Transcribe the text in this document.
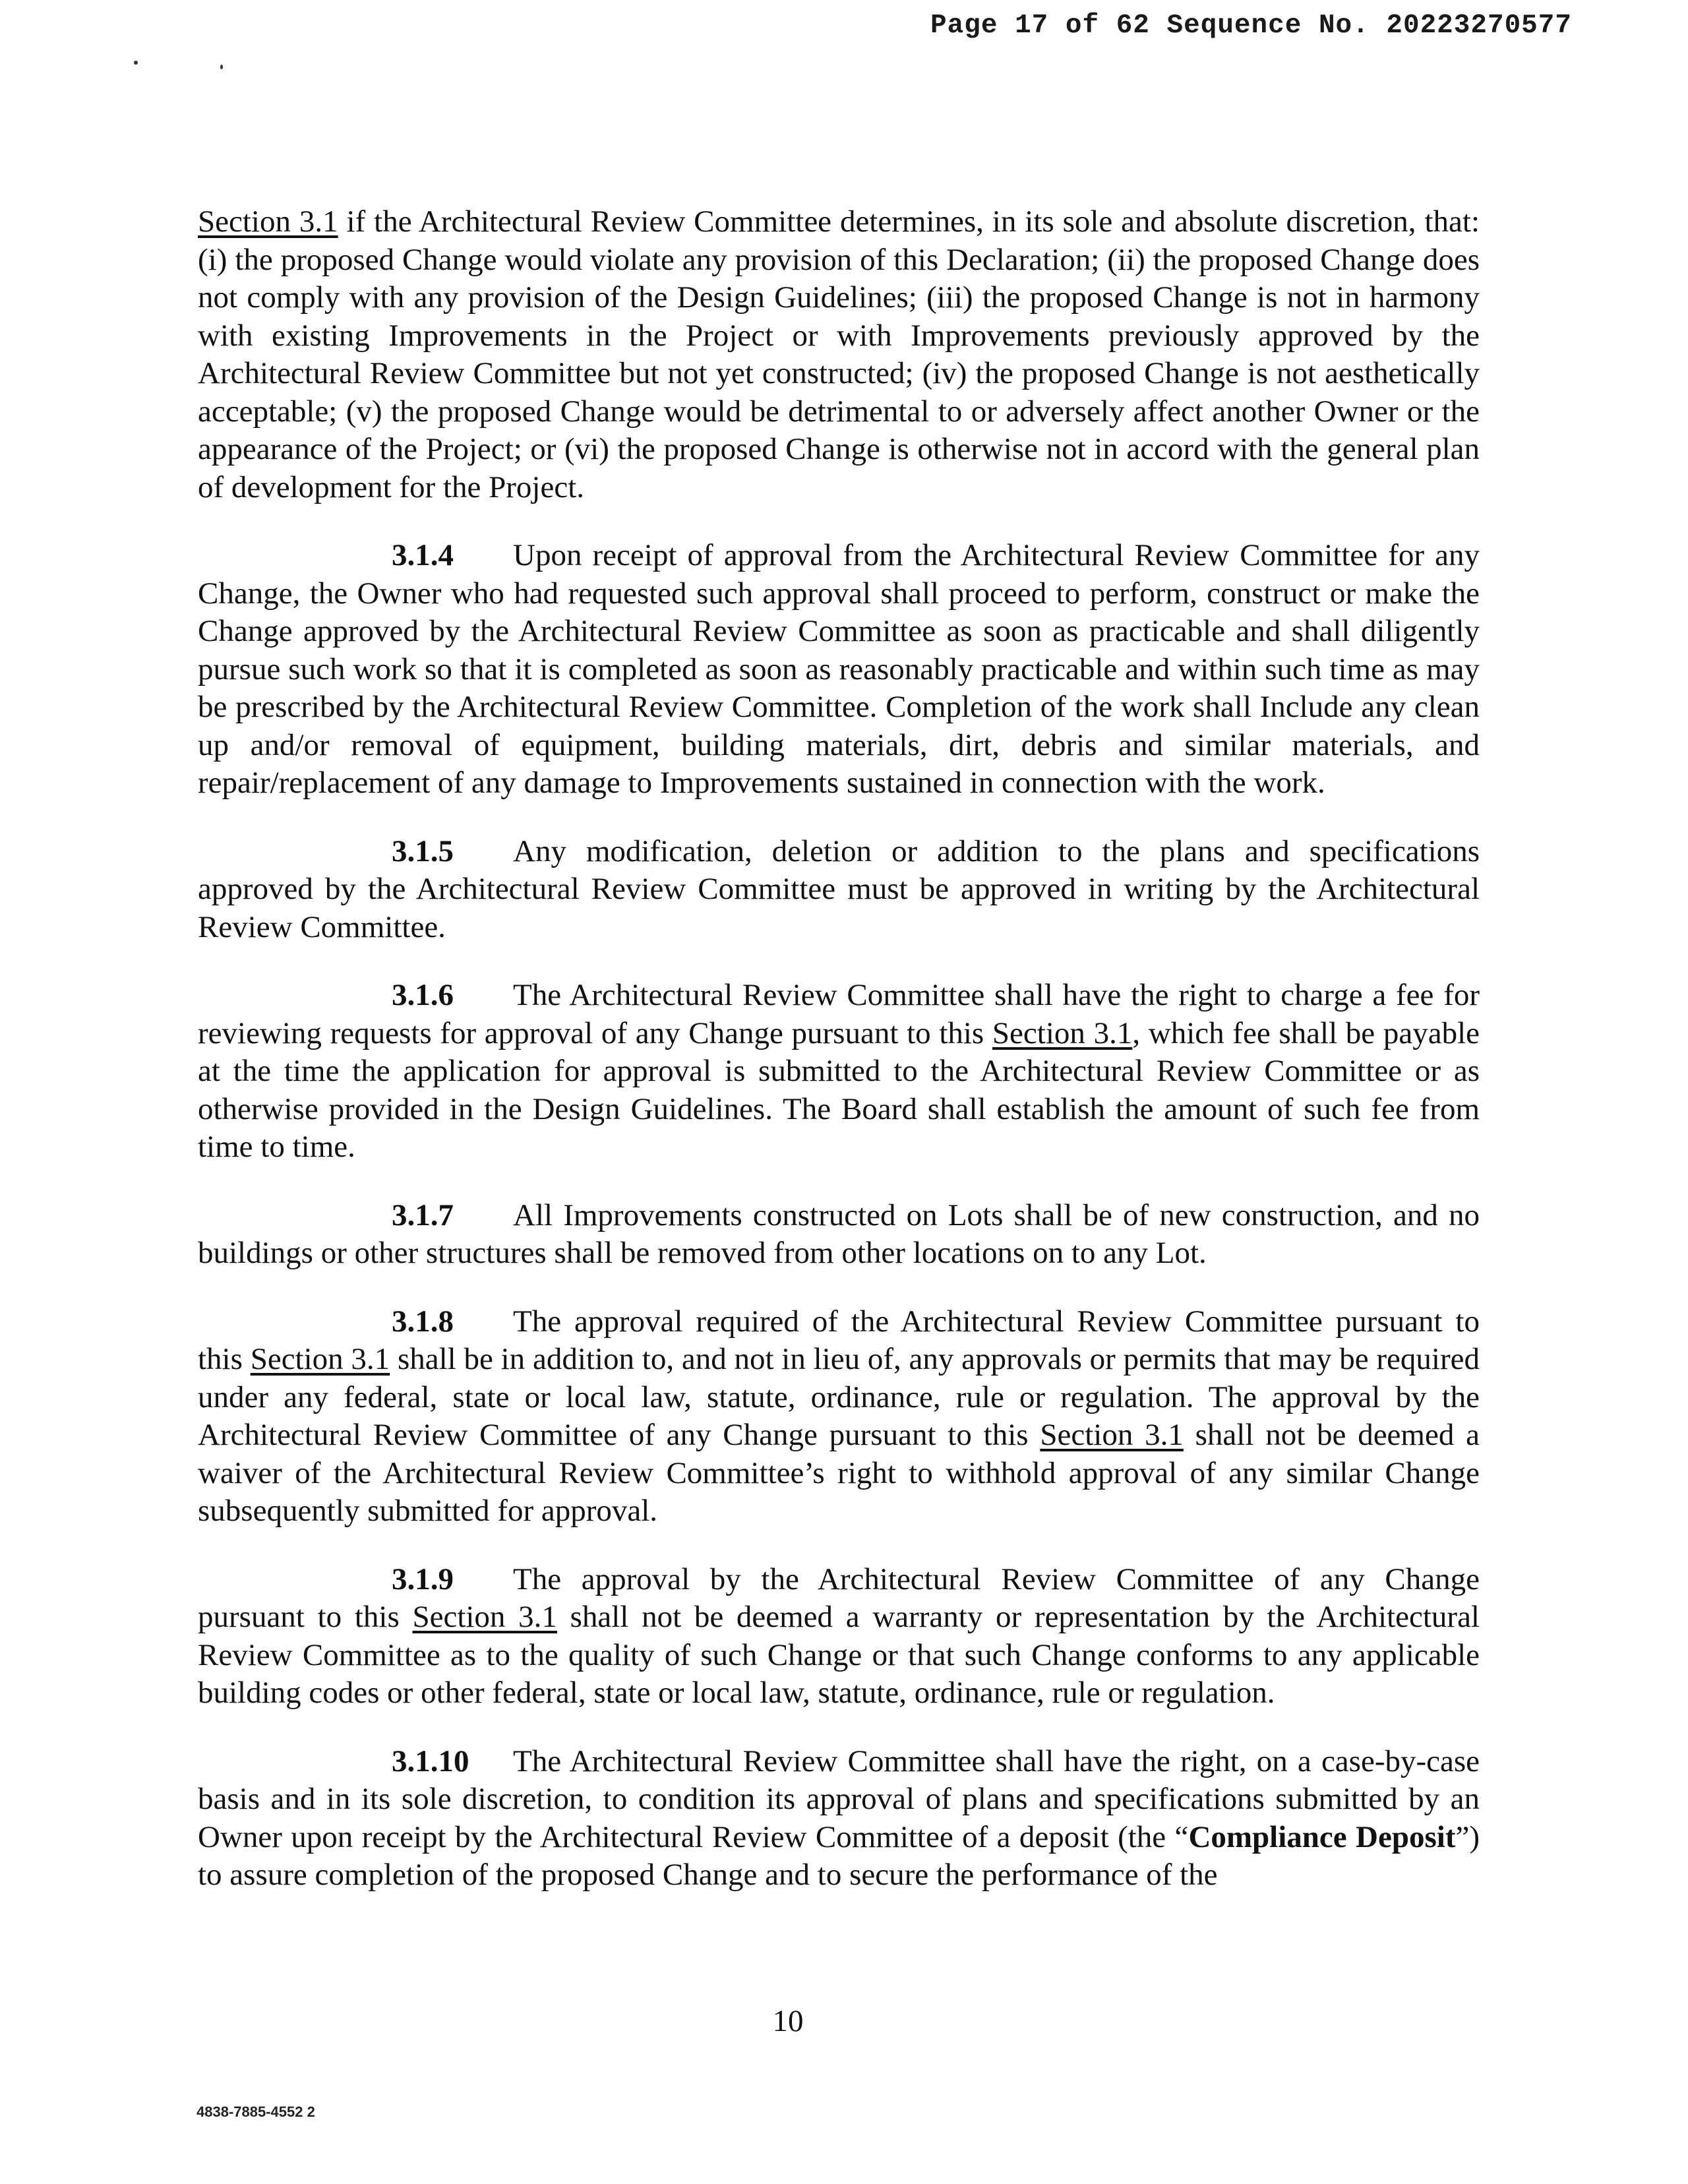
Page 17 of 62 Sequence No. 20223270577

Section 3.1 if the Architectural Review Committee determines, in its sole and absolute discretion, that: (i) the proposed Change would violate any provision of this Declaration; (ii) the proposed Change does not comply with any provision of the Design Guidelines; (iii) the proposed Change is not in harmony with existing Improvements in the Project or with Improvements previously approved by the Architectural Review Committee but not yet constructed; (iv) the proposed Change is not aesthetically acceptable; (v) the proposed Change would be detrimental to or adversely affect another Owner or the appearance of the Project; or (vi) the proposed Change is otherwise not in accord with the general plan of development for the Project.

3.1.4 Upon receipt of approval from the Architectural Review Committee for any Change, the Owner who had requested such approval shall proceed to perform, construct or make the Change approved by the Architectural Review Committee as soon as practicable and shall diligently pursue such work so that it is completed as soon as reasonably practicable and within such time as may be prescribed by the Architectural Review Committee. Completion of the work shall Include any clean up and/or removal of equipment, building materials, dirt, debris and similar materials, and repair/replacement of any damage to Improvements sustained in connection with the work.

3.1.5 Any modification, deletion or addition to the plans and specifications approved by the Architectural Review Committee must be approved in writing by the Architectural Review Committee.

3.1.6 The Architectural Review Committee shall have the right to charge a fee for reviewing requests for approval of any Change pursuant to this Section 3.1, which fee shall be payable at the time the application for approval is submitted to the Architectural Review Committee or as otherwise provided in the Design Guidelines. The Board shall establish the amount of such fee from time to time.

3.1.7 All Improvements constructed on Lots shall be of new construction, and no buildings or other structures shall be removed from other locations on to any Lot.

3.1.8 The approval required of the Architectural Review Committee pursuant to this Section 3.1 shall be in addition to, and not in lieu of, any approvals or permits that may be required under any federal, state or local law, statute, ordinance, rule or regulation. The approval by the Architectural Review Committee of any Change pursuant to this Section 3.1 shall not be deemed a waiver of the Architectural Review Committee’s right to withhold approval of any similar Change subsequently submitted for approval.

3.1.9 The approval by the Architectural Review Committee of any Change pursuant to this Section 3.1 shall not be deemed a warranty or representation by the Architectural Review Committee as to the quality of such Change or that such Change conforms to any applicable building codes or other federal, state or local law, statute, ordinance, rule or regulation.

3.1.10 The Architectural Review Committee shall have the right, on a case-by-case basis and in its sole discretion, to condition its approval of plans and specifications submitted by an Owner upon receipt by the Architectural Review Committee of a deposit (the “Compliance Deposit”) to assure completion of the proposed Change and to secure the performance of the

10
4838-7885-4552 2
